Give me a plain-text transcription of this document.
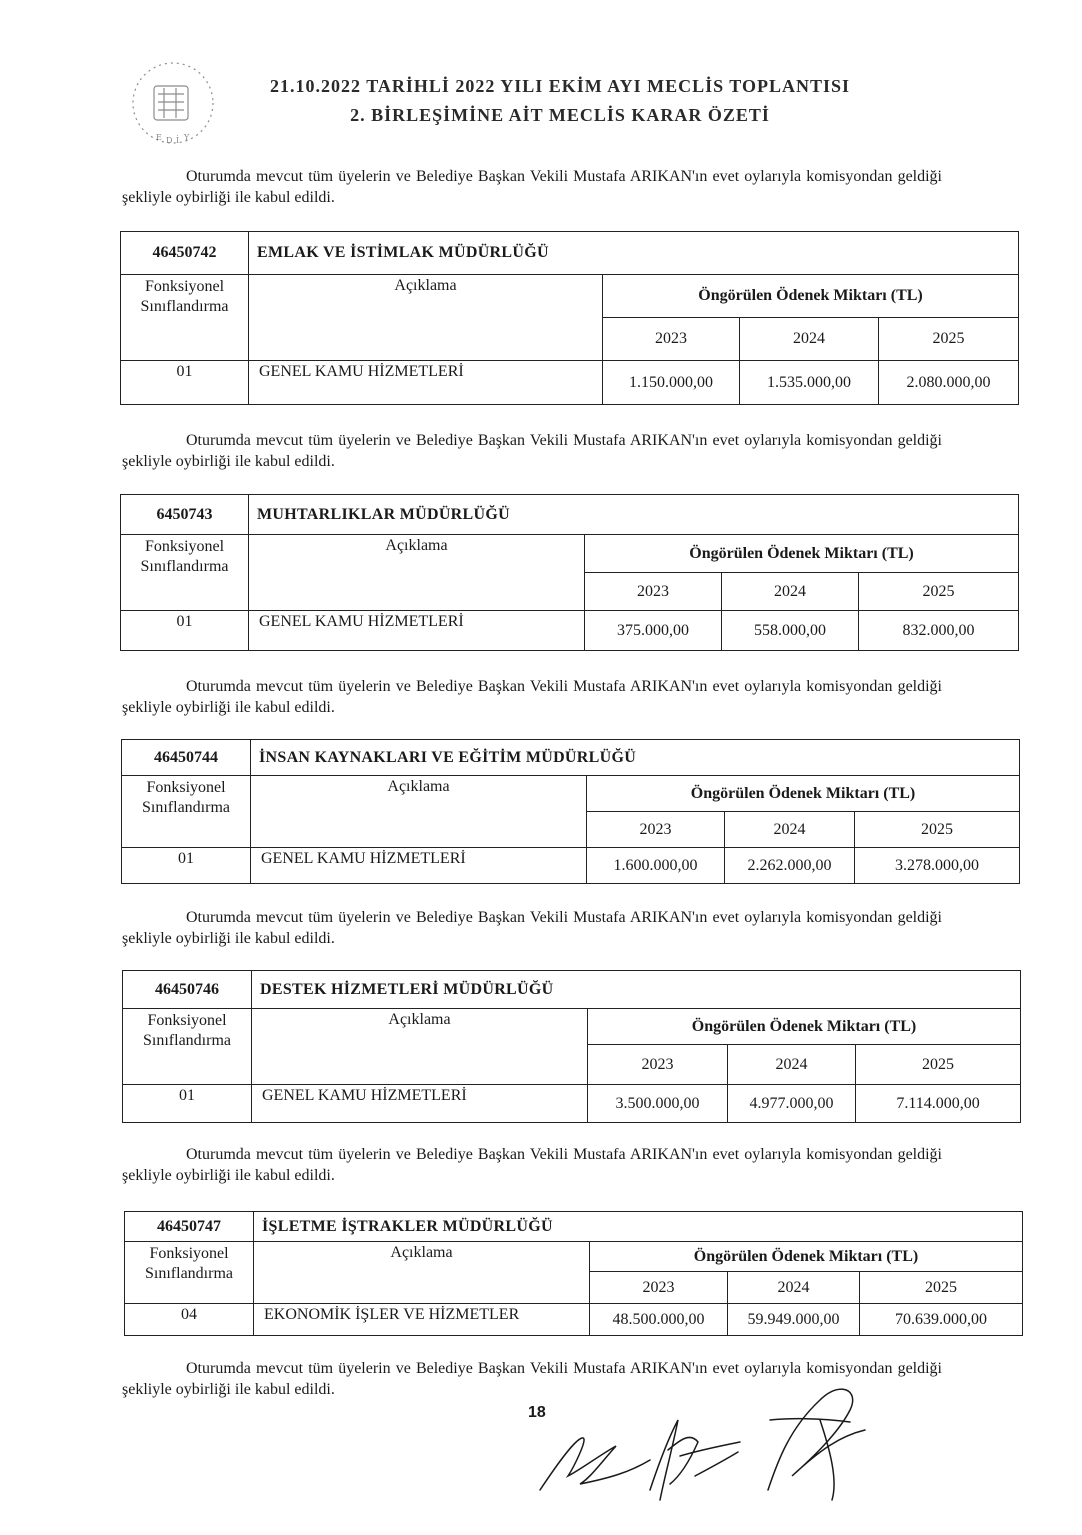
E D İ Y
21.10.2022 TARİHLİ 2022 YILI EKİM AYI MECLİS TOPLANTISI
2. BİRLEŞİMİNE AİT MECLİS KARAR ÖZETİ
Oturumda mevcut tüm üyelerin ve Belediye Başkan Vekili Mustafa ARIKAN'ın evet oylarıyla komisyondan geldiği şekliyle oybirliği ile kabul edildi.
46450742	EMLAK VE İSTİMLAK MÜDÜRLÜĞÜ			
Fonksiyonel Sınıflandırma	Açıklama	Öngörülen Ödenek Miktarı (TL)		
		2023	2024	2025
01	GENEL KAMU HİZMETLERİ	1.150.000,00	1.535.000,00	2.080.000,00
Oturumda mevcut tüm üyelerin ve Belediye Başkan Vekili Mustafa ARIKAN'ın evet oylarıyla komisyondan geldiği şekliyle oybirliği ile kabul edildi.
6450743	MUHTARLIKLAR MÜDÜRLÜĞÜ			
Fonksiyonel Sınıflandırma	Açıklama	Öngörülen Ödenek Miktarı (TL)		
		2023	2024	2025
01	GENEL KAMU HİZMETLERİ	375.000,00	558.000,00	832.000,00
Oturumda mevcut tüm üyelerin ve Belediye Başkan Vekili Mustafa ARIKAN'ın evet oylarıyla komisyondan geldiği şekliyle oybirliği ile kabul edildi.
46450744	İNSAN KAYNAKLARI VE EĞİTİM MÜDÜRLÜĞÜ			
Fonksiyonel Sınıflandırma	Açıklama	Öngörülen Ödenek Miktarı (TL)		
		2023	2024	2025
01	GENEL KAMU HİZMETLERİ	1.600.000,00	2.262.000,00	3.278.000,00
Oturumda mevcut tüm üyelerin ve Belediye Başkan Vekili Mustafa ARIKAN'ın evet oylarıyla komisyondan geldiği şekliyle oybirliği ile kabul edildi.
46450746	DESTEK HİZMETLERİ MÜDÜRLÜĞÜ			
Fonksiyonel Sınıflandırma	Açıklama	Öngörülen Ödenek Miktarı (TL)		
		2023	2024	2025
01	GENEL KAMU HİZMETLERİ	3.500.000,00	4.977.000,00	7.114.000,00
Oturumda mevcut tüm üyelerin ve Belediye Başkan Vekili Mustafa ARIKAN'ın evet oylarıyla komisyondan geldiği şekliyle oybirliği ile kabul edildi.
46450747	İŞLETME İŞTRAKLER MÜDÜRLÜĞÜ			
Fonksiyonel Sınıflandırma	Açıklama	Öngörülen Ödenek Miktarı (TL)		
		2023	2024	2025
04	EKONOMİK İŞLER VE HİZMETLER	48.500.000,00	59.949.000,00	70.639.000,00
Oturumda mevcut tüm üyelerin ve Belediye Başkan Vekili Mustafa ARIKAN'ın evet oylarıyla komisyondan geldiği şekliyle oybirliği ile kabul edildi.
18
